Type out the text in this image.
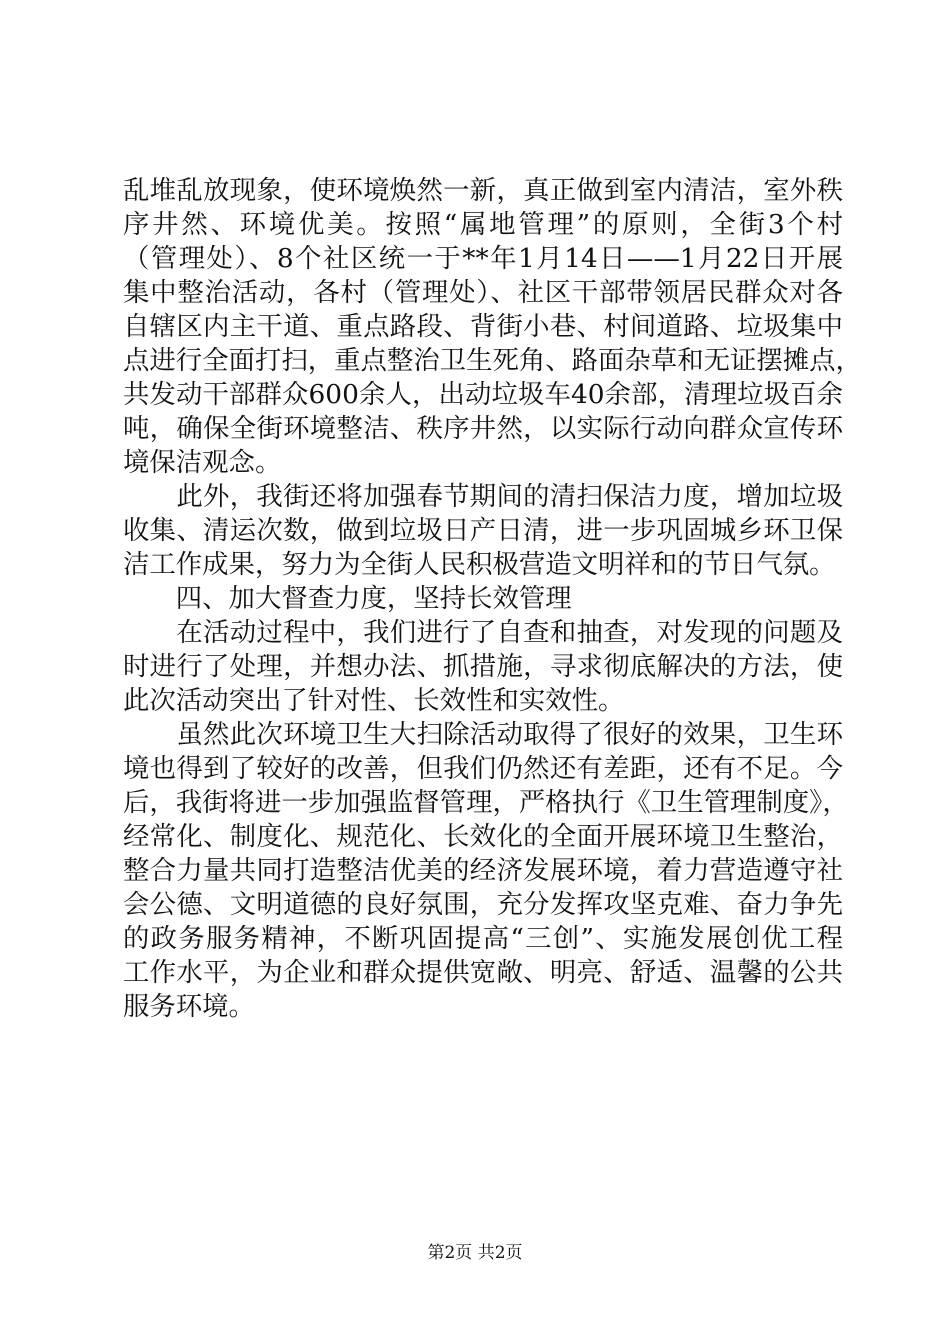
乱堆乱放现象，使环境焕然一新，真正做到室内清洁，室外秩
序井然、环境优美。按照“属地管理”的原则，全街3个村
（管理处）、8个社区统一于**年1月14日——1月22日开展
集中整治活动，各村（管理处）、社区干部带领居民群众对各
自辖区内主干道、重点路段、背街小巷、村间道路、垃圾集中
点进行全面打扫，重点整治卫生死角、路面杂草和无证摆摊点，
共发动干部群众600余人，出动垃圾车40余部，清理垃圾百余
吨，确保全街环境整洁、秩序井然，以实际行动向群众宣传环
境保洁观念。
　　此外，我街还将加强春节期间的清扫保洁力度，增加垃圾
收集、清运次数，做到垃圾日产日清，进一步巩固城乡环卫保
洁工作成果，努力为全街人民积极营造文明祥和的节日气氛。
　　四、加大督查力度，坚持长效管理
　　在活动过程中，我们进行了自查和抽查，对发现的问题及
时进行了处理，并想办法、抓措施，寻求彻底解决的方法，使
此次活动突出了针对性、长效性和实效性。
　　虽然此次环境卫生大扫除活动取得了很好的效果，卫生环
境也得到了较好的改善，但我们仍然还有差距，还有不足。今
后，我街将进一步加强监督管理，严格执行《卫生管理制度》，
经常化、制度化、规范化、长效化的全面开展环境卫生整治，
整合力量共同打造整洁优美的经济发展环境，着力营造遵守社
会公德、文明道德的良好氛围，充分发挥攻坚克难、奋力争先
的政务服务精神，不断巩固提高“三创”、实施发展创优工程
工作水平，为企业和群众提供宽敞、明亮、舒适、温馨的公共
服务环境。
第2页 共2页
